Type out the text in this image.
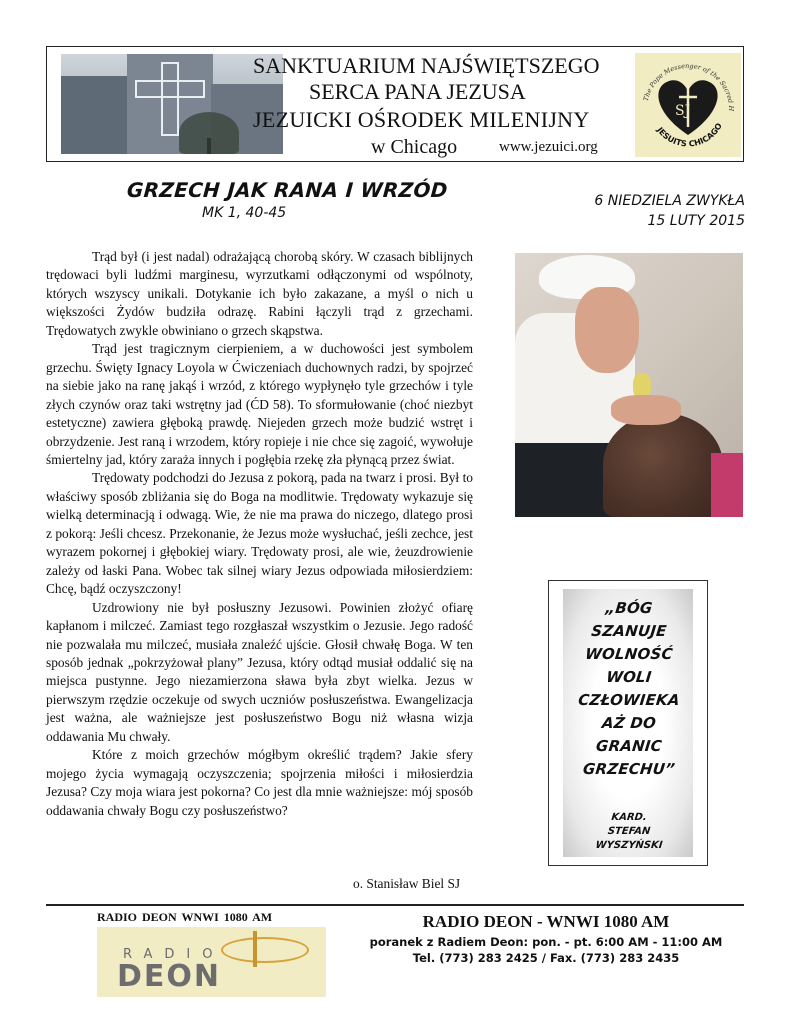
SANKTUARIUM NAJŚWIĘTSZEGO
SERCA PANA JEZUSA
JEZUICKI OŚRODEK MILENIJNY
w Chicago	www.jezuici.org
The Pope Messenger of the Sacred H
JESUITS CHICAGO
SJ
GRZECH JAK RANA I WRZÓD
MK 1, 40-45
6 NIEDZIELA ZWYKŁA
15 LUTY 2015

Trąd był (i jest nadal) odrażającą chorobą skóry. W czasach biblijnych trędowaci byli ludźmi marginesu, wyrzutkami odłączonymi od wspólnoty, których wszyscy unikali. Dotykanie ich było zakazane, a myśl o nich u większości Żydów budziła odrazę. Rabini łączyli trąd z grzechami. Trędowatych zwykle obwiniano o grzech skąpstwa.

Trąd jest tragicznym cierpieniem, a w duchowości jest symbolem grzechu. Święty Ignacy Loyola w Ćwiczeniach duchownych radzi, by spojrzeć na siebie jako na ranę jakąś i wrzód, z którego wypłynęło tyle grzechów i tyle złych czynów oraz taki wstrętny jad (ĆD 58). To sformułowanie (choć niezbyt estetyczne) zawiera głęboką prawdę. Niejeden grzech może budzić wstręt i obrzydzenie. Jest raną i wrzodem, który ropieje i nie chce się zagoić, wywołuje śmiertelny jad, który zaraża innych i pogłębia rzekę zła płynącą przez świat.

Trędowaty podchodzi do Jezusa z pokorą, pada na twarz i prosi. Był to właściwy sposób zbliżania się do Boga na modlitwie. Trędowaty wykazuje się wielką determinacją i odwagą. Wie, że nie ma prawa do niczego, dlatego prosi z pokorą: Jeśli chcesz. Przekonanie, że Jezus może wysłuchać, jeśli zechce, jest wyrazem pokornej i głębokiej wiary. Trędowaty prosi, ale wie, żeuzdrowienie zależy od łaski Pana. Wobec tak silnej wiary Jezus odpowiada miłosierdziem: Chcę, bądź oczyszczony!

Uzdrowiony nie był posłuszny Jezusowi. Powinien złożyć ofiarę kapłanom i milczeć. Zamiast tego rozgłaszał wszystkim o Jezusie. Jego radość nie pozwalała mu milczeć, musiała znaleźć ujście. Głosił chwałę Boga. W ten sposób jednak „pokrzyżował plany” Jezusa, który odtąd musiał oddalić się na miejsca pustynne. Jego niezamierzona sława była zbyt wielka. Jezus w pierwszym rzędzie oczekuje od swych uczniów posłuszeństwa. Ewangelizacja jest ważna, ale ważniejsze jest posłuszeństwo Bogu niż własna wizja oddawania Mu chwały.

Które z moich grzechów mógłbym określić trądem? Jakie sfery mojego życia wymagają oczyszczenia; spojrzenia miłości i miłosierdzia Jezusa? Czy moja wiara jest pokorna? Co jest dla mnie ważniejsze: mój sposób oddawania chwały Bogu czy posłuszeństwo?

o. Stanisław Biel SJ
„BÓG
SZANUJE
WOLNOŚĆ
WOLI
CZŁOWIEKA
AŻ DO
GRANIC
GRZECHU”
KARD.
STEFAN
WYSZYŃSKI
RADIO DEON WNWI 1080 AM
RADIO
DEON
RADIO DEON - WNWI 1080 AM
poranek z Radiem Deon: pon. - pt. 6:00 AM - 11:00 AM
Tel. (773) 283 2425 / Fax. (773) 283 2435
